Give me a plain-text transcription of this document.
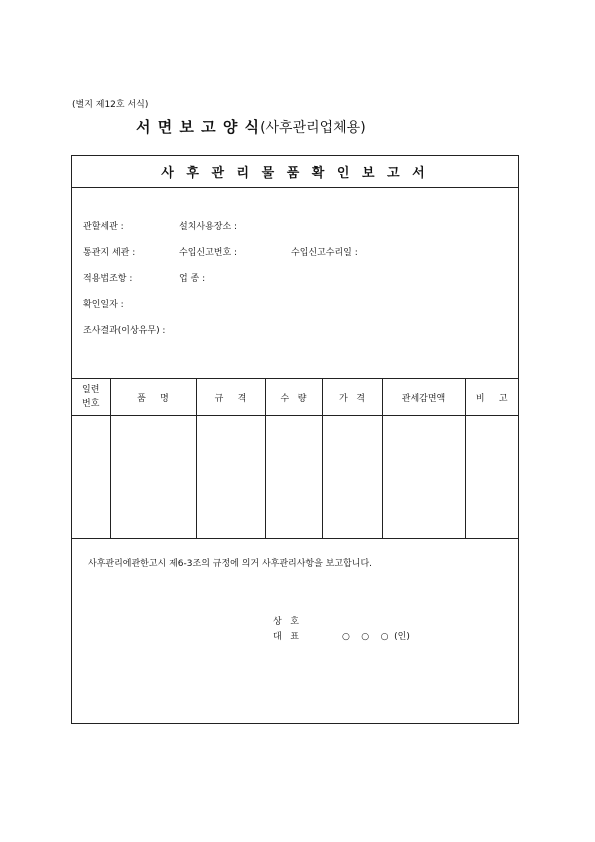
(별지 제12호 서식)
서 면 보 고 양 식(사후관리업체용)
사 후 관 리 물 품 확 인 보 고 서
관할세관 :	설치사용장소 :
통관지 세관 :	수입신고번호 :	수입신고수리일 :
적용법조항 :	업 종 :
확인일자 :
조사결과(이상유무) :
일련
번호	품     명	규     격	수   량	가   격	관세감면액	비     고

사후관리에관한고시 제6-3조의 규정에 의거 사후관리사항을 보고합니다.
상   호
대   표	○    ○    ○  (인)
